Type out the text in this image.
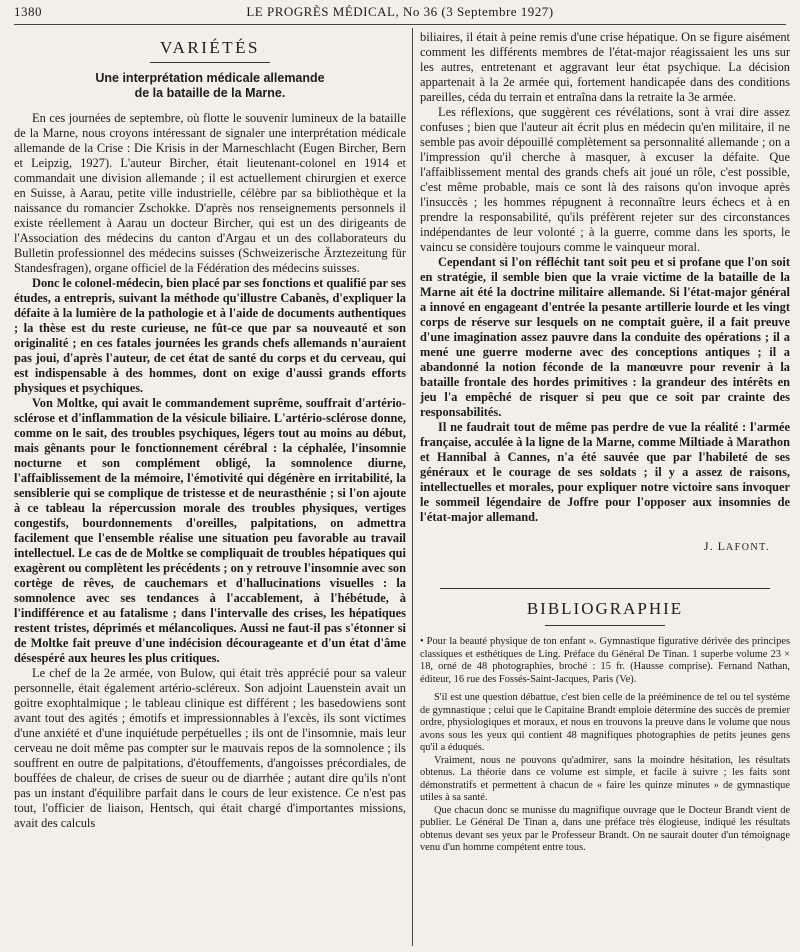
1380	LE PROGRÈS MÉDICAL, No 36 (3 Septembre 1927)
VARIÉTÉS
Une interprétation médicale allemande
de la bataille de la Marne.

En ces journées de septembre, où flotte le souvenir lumineux de la bataille de la Marne, nous croyons intéressant de signaler une interprétation médicale allemande de la Crise : Die Krisis in der Marneschlacht (Eugen Bircher, Bern et Leipzig, 1927). L'auteur Bircher, était lieutenant-colonel en 1914 et commandait une division allemande ; il est actuellement chirurgien et exerce en Suisse, à Aarau, petite ville industrielle, célèbre par sa bibliothèque et la naissance du romancier Zschokke. D'après nos renseignements personnels il existe réellement à Aarau un docteur Bircher, qui est un des dirigeants de l'Association des médecins du canton d'Argau et un des collaborateurs du Bulletin professionnel des médecins suisses (Schweizerische Ärztezeitung für Standesfragen), organe officiel de la Fédération des médecins suisses.

Donc le colonel-médecin, bien placé par ses fonctions et qualifié par ses études, a entrepris, suivant la méthode qu'illustre Cabanès, d'expliquer la défaite à la lumière de la pathologie et à l'aide de documents authentiques ; la thèse est du reste curieuse, ne fût-ce que par sa nouveauté et son originalité ; en ces fatales journées les grands chefs allemands n'auraient pas joui, d'après l'auteur, de cet état de santé du corps et du cerveau, qui est indispensable à des hommes, dont on exige d'aussi grands efforts physiques et psychiques.

Von Moltke, qui avait le commandement suprême, souffrait d'artério-sclérose et d'inflammation de la vésicule biliaire. L'artério-sclérose donne, comme on le sait, des troubles psychiques, légers tout au moins au début, mais gênants pour le fonctionnement cérébral : la céphalée, l'insomnie nocturne et son complément obligé, la somnolence diurne, l'affaiblissement de la mémoire, l'émotivité qui dégénère en irritabilité, la sensiblerie qui se complique de tristesse et de neurasthénie ; si l'on ajoute à ce tableau la répercussion morale des troubles physiques, vertiges congestifs, bourdonnements d'oreilles, palpitations, on admettra facilement que l'ensemble réalise une situation peu favorable au travail intellectuel. Le cas de de Moltke se compliquait de troubles hépatiques qui exagèrent ou complètent les précédents ; on y retrouve l'insomnie avec son cortège de rêves, de cauchemars et d'hallucinations visuelles : la somnolence avec ses tendances à l'accablement, à l'hébétude, à l'indifférence et au fatalisme ; dans l'intervalle des crises, les hépatiques restent tristes, déprimés et mélancoliques. Aussi ne faut-il pas s'étonner si de Moltke fait preuve d'une indécision décourageante et d'un état d'âme désespéré aux heures les plus critiques.

Le chef de la 2e armée, von Bulow, qui était très apprécié pour sa valeur personnelle, était également artério-scléreux. Son adjoint Lauenstein avait un goitre exophtalmique ; le tableau clinique est différent ; les basedowiens sont avant tout des agités ; émotifs et impressionnables à l'excès, ils sont victimes d'une anxiété et d'une inquiétude perpétuelles ; ils ont de l'insomnie, mais leur cerveau ne doit même pas compter sur le mauvais repos de la somnolence ; ils souffrent en outre de palpitations, d'étouffements, d'angoisses précordiales, de bouffées de chaleur, de crises de sueur ou de diarrhée ; autant dire qu'ils n'ont pas un instant d'équilibre parfait dans le cours de leur existence. Ce n'est pas tout, l'officier de liaison, Hentsch, qui était chargé d'importantes missions, avait des calculs

biliaires, il était à peine remis d'une crise hépatique. On se figure aisément comment les différents membres de l'état-major réagissaient les uns sur les autres, entretenant et aggravant leur état psychique. La décision appartenait à la 2e armée qui, fortement handicapée dans des conditions pareilles, céda du terrain et entraîna dans la retraite la 3e armée.

Les réflexions, que suggèrent ces révélations, sont à vrai dire assez confuses ; bien que l'auteur ait écrit plus en médecin qu'en militaire, il ne semble pas avoir dépouillé complètement sa personnalité allemande ; on a l'impression qu'il cherche à masquer, à excuser la défaite. Que l'affaiblissement mental des grands chefs ait joué un rôle, c'est possible, c'est même probable, mais ce sont là des raisons qu'on invoque après l'insuccès ; les hommes répugnent à reconnaître leurs échecs et à en prendre la responsabilité, qu'ils préfèrent rejeter sur des circonstances indépendantes de leur volonté ; à la guerre, comme dans les sports, le vaincu se considère toujours comme le vainqueur moral.

Cependant si l'on réfléchit tant soit peu et si profane que l'on soit en stratégie, il semble bien que la vraie victime de la bataille de la Marne ait été la doctrine militaire allemande. Si l'état-major général a innové en engageant d'entrée la pesante artillerie lourde et les vingt corps de réserve sur lesquels on ne comptait guère, il a fait preuve d'une imagination assez pauvre dans la conduite des opérations ; il a mené une guerre moderne avec des conceptions antiques ; il a abandonné la notion féconde de la manœuvre pour revenir à la bataille frontale des hordes primitives : la grandeur des intérêts en jeu l'a empêché de risquer si peu que ce soit par crainte des responsabilités.

Il ne faudrait tout de même pas perdre de vue la réalité : l'armée française, acculée à la ligne de la Marne, comme Miltiade à Marathon et Hannibal à Cannes, n'a été sauvée que par l'habileté de ses généraux et le courage de ses soldats ; il y a assez de raisons, intellectuelles et morales, pour expliquer notre victoire sans invoquer le sommeil légendaire de Joffre pour l'opposer aux insomnies de l'état-major allemand.

J. LAFONT.
BIBLIOGRAPHIE

• Pour la beauté physique de ton enfant ». Gymnastique figurative dérivée des principes classiques et esthétiques de Ling. Préface du Général De Tinan. 1 superbe volume 23 × 18, orné de 48 photographies, broché : 15 fr. (Hausse comprise). Fernand Nathan, éditeur, 16 rue des Fossés-Saint-Jacques, Paris (Ve).

S'il est une question débattue, c'est bien celle de la prééminence de tel ou tel système de gymnastique ; celui que le Capitaine Brandt emploie détermine des succès de premier ordre, physiologiques et moraux, et nous en trouvons la preuve dans le volume que nous avons sous les yeux qui contient 48 magnifiques photographies de petits jeunes gens qu'il a éduqués.

Vraiment, nous ne pouvons qu'admirer, sans la moindre hésitation, les résultats obtenus. La théorie dans ce volume est simple, et facile à suivre ; les faits sont démonstratifs et permettent à chacun de « faire les quinze minutes » de gymnastique utiles à sa santé.

Que chacun donc se munisse du magnifique ouvrage que le Docteur Brandt vient de publier. Le Général De Tinan a, dans une préface très élogieuse, indiqué les résultats obtenus devant ses yeux par le Professeur Brandt. On ne saurait douter d'un témoignage venu d'un homme compétent entre tous.
